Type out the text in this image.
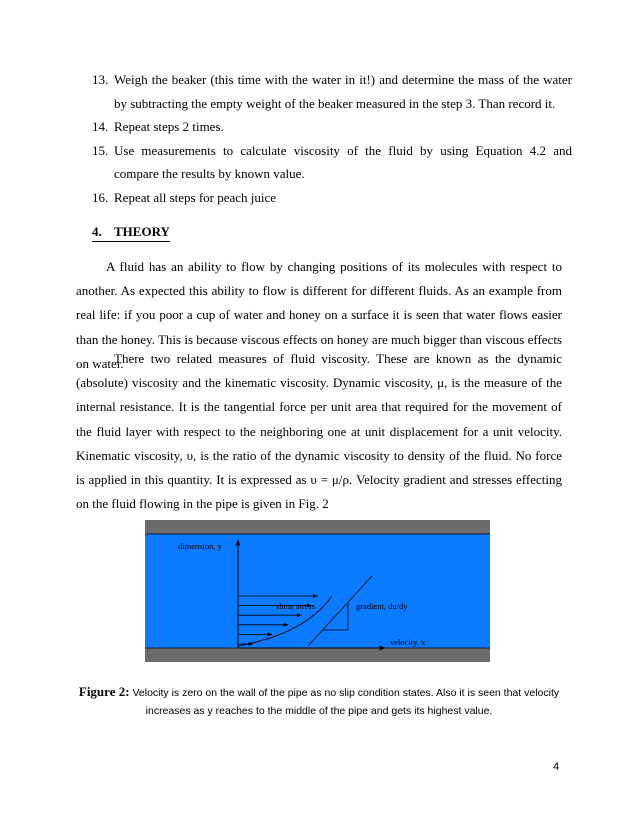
13. Weigh the beaker (this time with the water in it!) and determine the mass of the water by subtracting the empty weight of the beaker measured in the step 3. Than record it.
14. Repeat steps 2 times.
15. Use measurements to calculate viscosity of the fluid by using Equation 4.2 and compare the results by known value.
16. Repeat all steps for peach juice
4. THEORY

A fluid has an ability to flow by changing positions of its molecules with respect to another. As expected this ability to flow is different for different fluids. As an example from real life: if you poor a cup of water and honey on a surface it is seen that water flows easier than the honey. This is because viscous effects on honey are much bigger than viscous effects on water.

There two related measures of fluid viscosity. These are known as the dynamic (absolute) viscosity and the kinematic viscosity. Dynamic viscosity, μ, is the measure of the internal resistance. It is the tangential force per unit area that required for the movement of the fluid layer with respect to the neighboring one at unit displacement for a unit velocity. Kinematic viscosity, υ, is the ratio of the dynamic viscosity to density of the fluid. No force is applied in this quantity. It is expressed as υ = μ/ρ. Velocity gradient and stresses effecting on the fluid flowing in the pipe is given in Fig. 2

dimension, y
shear stress	gradient, du/dy
velocity, x
Figure 2: Velocity is zero on the wall of the pipe as no slip condition states. Also it is seen that velocity increases as y reaches to the middle of the pipe and gets its highest value.
4
